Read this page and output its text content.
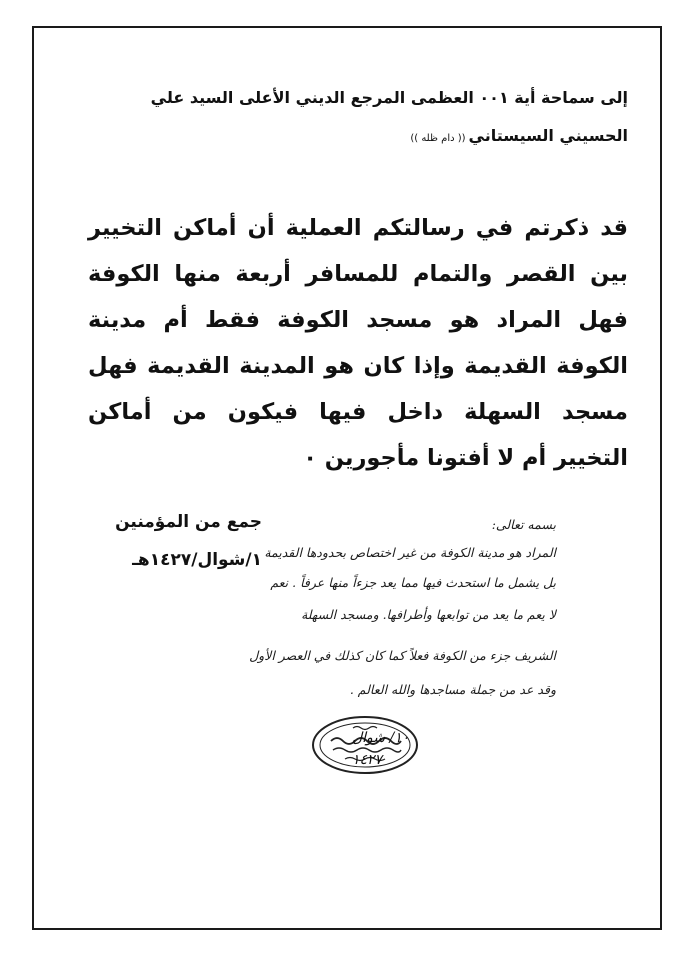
إلى سماحة أية ٠٠١ العظمى المرجع الديني الأعلى السيد علي
الحسيني السيستاني(( دام ظله ))
قد ذكرتم في رسالتكم العملية أن أماكن التخيير بين القصر والتمام للمسافر أربعة منها الكوفة فهل المراد هو مسجد الكوفة فقط أم مدينة الكوفة القديمة وإذا كان هو المدينة القديمة فهل مسجد السهلة داخل فيها فيكون من أماكن التخيير أم لا أفتونا مأجورين ٠
جمع من المؤمنين
١/شوال/١٤٢٧هـ
بسمه تعالى:
المراد هو مدينة الكوفة من غير اختصاص بحدودها القديمة
بل يشمل ما استحدث فيها مما يعد جزءاً منها عرفاً . نعم
لا يعم ما يعد من توابعها وأطرافها. ومسجد السهلة
الشريف جزء من الكوفة فعلاً كما كان كذلك في العصر الأول
وقد عد من جملة مساجدها والله العالم .
١٠/ شوال
١٤٢٧
